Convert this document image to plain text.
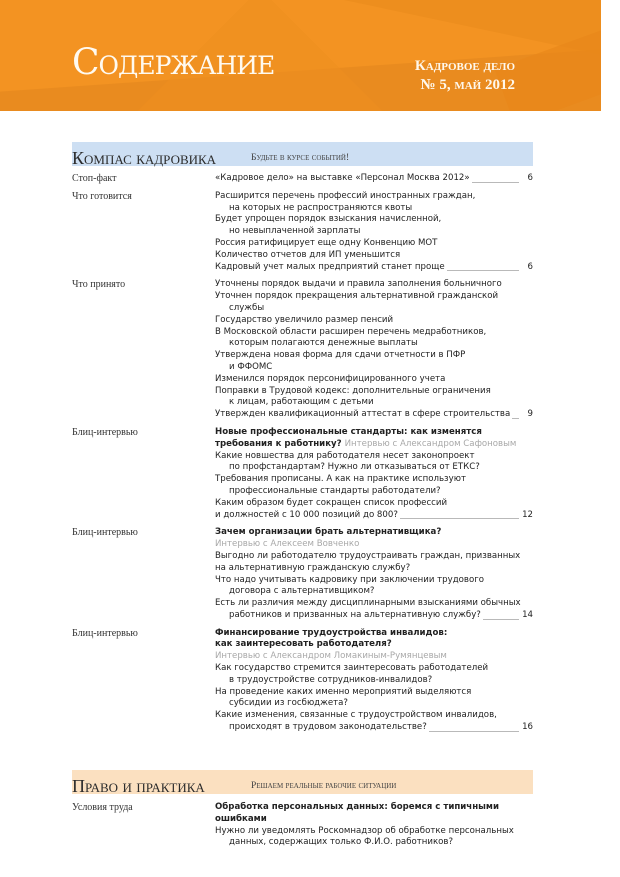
Содержание	Кадровое дело
№ 5, май 2012
Компас кадровика	Будьте в курсе событий!
Стоп-факт	«Кадровое дело» на выставке «Персонал Москва 2012»	6
Что готовится	Расширится перечень профессий иностранных граждан,
на которых не распространяются квоты
Будет упрощен порядок взыскания начисленной,
но невыплаченной зарплаты
Россия ратифицирует еще одну Конвенцию МОТ
Количество отчетов для ИП уменьшится
Кадровый учет малых предприятий станет проще	6
Что принято	Уточнены порядок выдачи и правила заполнения больничного
Уточнен порядок прекращения альтернативной гражданской
службы
Государство увеличило размер пенсий
В Московской области расширен перечень медработников,
которым полагаются денежные выплаты
Утверждена новая форма для сдачи отчетности в ПФР
и ФФОМС
Изменился порядок персонифицированного учета
Поправки в Трудовой кодекс: дополнительные ограничения
к лицам, работающим с детьми
Утвержден квалификационный аттестат в сфере строительства	9
Блиц-интервью	Новые профессиональные стандарты: как изменятся
требования к работнику? Интервью с Александром Сафоновым
Какие новшества для работодателя несет законопроект
по профстандартам? Нужно ли отказываться от ЕТКС?
Требования прописаны. А как на практике используют
профессиональные стандарты работодатели?
Каким образом будет сокращен список профессий
и должностей с 10 000 позиций до 800?	12
Блиц-интервью	Зачем организации брать альтернативщика?
Интервью с Алексеем Вовченко
Выгодно ли работодателю трудоустраивать граждан, призванных
на альтернативную гражданскую службу?
Что надо учитывать кадровику при заключении трудового
договора с альтернативщиком?
Есть ли различия между дисциплинарными взысканиями обычных
работников и призванных на альтернативную службу?	14
Блиц-интервью	Финансирование трудоустройства инвалидов:
как заинтересовать работодателя?
Интервью с Александром Ломакиным-Румянцевым
Как государство стремится заинтересовать работодателей
в трудоустройстве сотрудников-инвалидов?
На проведение каких именно мероприятий выделяются
субсидии из госбюджета?
Какие изменения, связанные с трудоустройством инвалидов,
происходят в трудовом законодательстве?	16
Право и практика	Решаем реальные рабочие ситуации
Условия труда	Обработка персональных данных: боремся с типичными
ошибками
Нужно ли уведомлять Роскомнадзор об обработке персональных
данных, содержащих только Ф.И.О. работников?
